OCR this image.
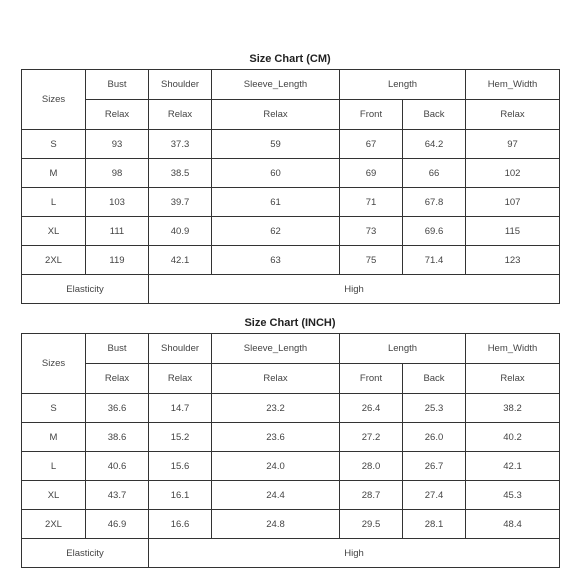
Size Chart (CM)
Sizes	Bust	Shoulder	Sleeve_Length	Length		Hem_Width
	Relax	Relax	Relax	Front	Back	Relax
S	93	37.3	59	67	64.2	97
M	98	38.5	60	69	66	102
L	103	39.7	61	71	67.8	107
XL	111	40.9	62	73	69.6	115
2XL	119	42.1	63	75	71.4	123
Elasticity		High				
Size Chart (INCH)
Sizes	Bust	Shoulder	Sleeve_Length	Length		Hem_Width
	Relax	Relax	Relax	Front	Back	Relax
S	36.6	14.7	23.2	26.4	25.3	38.2
M	38.6	15.2	23.6	27.2	26.0	40.2
L	40.6	15.6	24.0	28.0	26.7	42.1
XL	43.7	16.1	24.4	28.7	27.4	45.3
2XL	46.9	16.6	24.8	29.5	28.1	48.4
Elasticity		High				
